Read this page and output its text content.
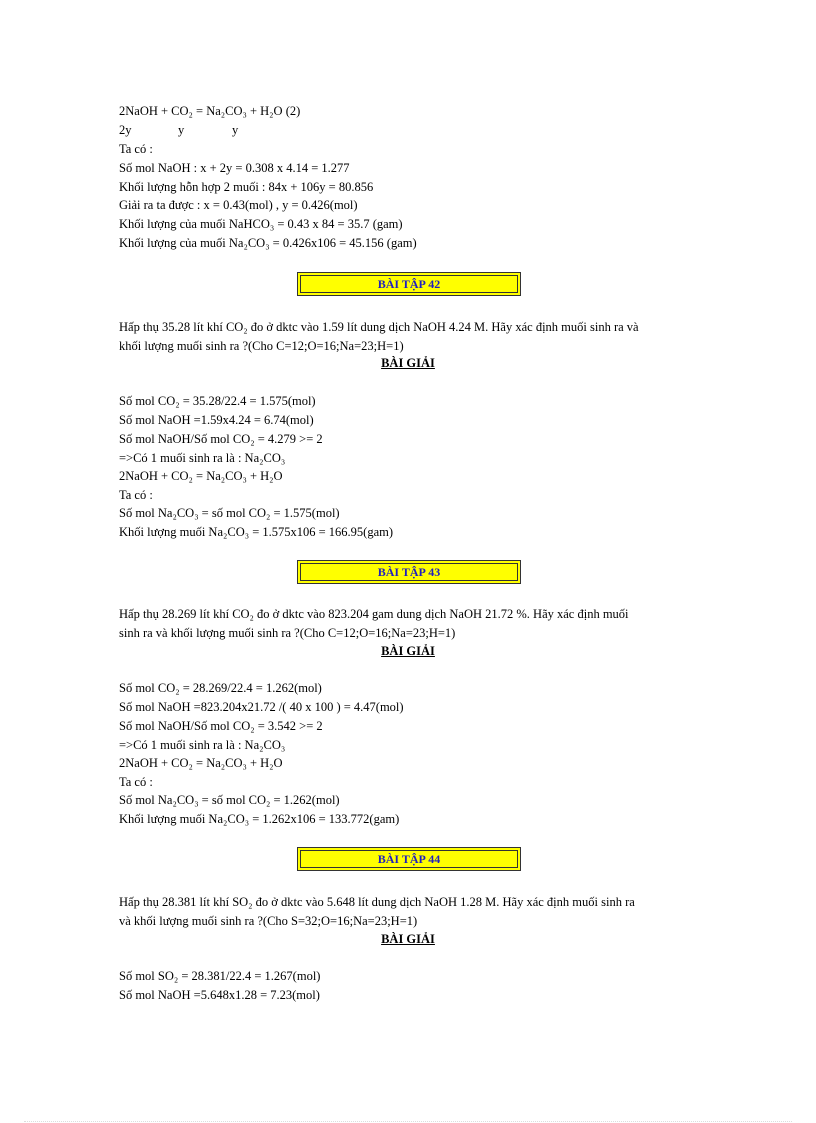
2NaOH + CO₂ = Na₂CO₃ + H₂O (2)
2y	y	y
Ta có :
Số mol NaOH : x + 2y = 0.308 x 4.14 = 1.277
Khối lượng hỗn hợp 2 muối : 84x + 106y = 80.856
Giải ra ta được : x = 0.43(mol) , y = 0.426(mol)
Khối lượng của muối NaHCO₃ = 0.43 x 84 = 35.7 (gam)
Khối lượng của muối Na₂CO₃ = 0.426x106 = 45.156 (gam)
BÀI TẬP 42
Hấp thụ 35.28 lít khí CO₂ đo ở dktc vào 1.59 lít dung dịch NaOH 4.24 M. Hãy xác định muối sinh ra và
khối lượng muối sinh ra ?(Cho C=12;O=16;Na=23;H=1)
BÀI GIẢI
Số mol CO₂ = 35.28/22.4 = 1.575(mol)
Số mol NaOH =1.59x4.24 = 6.74(mol)
Số mol NaOH/Số mol CO₂ = 4.279 >= 2
=>Có 1 muối sinh ra là : Na₂CO₃
2NaOH + CO₂ = Na₂CO₃ + H₂O
Ta có :
Số mol Na₂CO₃ = số mol CO₂ = 1.575(mol)
Khối lượng muối Na₂CO₃ = 1.575x106 = 166.95(gam)
BÀI TẬP 43
Hấp thụ 28.269 lít khí CO₂ đo ở dktc vào 823.204 gam dung dịch NaOH 21.72 %. Hãy xác định muối
sinh ra và khối lượng muối sinh ra ?(Cho C=12;O=16;Na=23;H=1)
BÀI GIẢI
Số mol CO₂ = 28.269/22.4 = 1.262(mol)
Số mol NaOH =823.204x21.72 /( 40 x 100 ) = 4.47(mol)
Số mol NaOH/Số mol CO₂ = 3.542 >= 2
=>Có 1 muối sinh ra là : Na₂CO₃
2NaOH + CO₂ = Na₂CO₃ + H₂O
Ta có :
Số mol Na₂CO₃ = số mol CO₂ = 1.262(mol)
Khối lượng muối Na₂CO₃ = 1.262x106 = 133.772(gam)
BÀI TẬP 44
Hấp thụ 28.381 lít khí SO₂ đo ở dktc vào 5.648 lít dung dịch NaOH 1.28 M. Hãy xác định muối sinh ra
và khối lượng muối sinh ra ?(Cho S=32;O=16;Na=23;H=1)
BÀI GIẢI
Số mol SO₂ = 28.381/22.4 = 1.267(mol)
Số mol NaOH =5.648x1.28 = 7.23(mol)
